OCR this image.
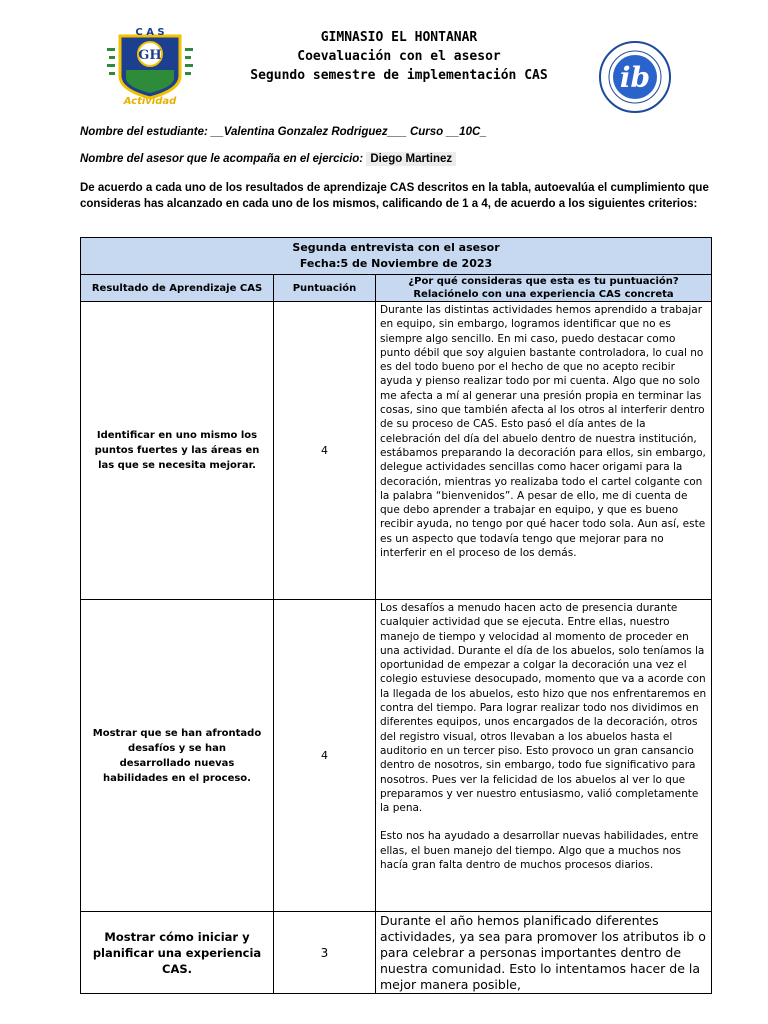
GH
C A S
Actividad
ib
GIMNASIO EL HONTANAR
Coevaluación con el asesor
Segundo semestre de implementación CAS
Nombre del estudiante: __Valentina Gonzalez Rodriguez___ Curso __10C_
Nombre del asesor que le acompaña en el ejercicio: Diego Martinez
De acuerdo a cada uno de los resultados de aprendizaje CAS descritos en la tabla, autoevalúa el cumplimiento que consideras has alcanzado en cada uno de los mismos, calificando de 1 a 4, de acuerdo a los siguientes criterios:
Segunda entrevista con el asesor
Fecha:5 de Noviembre de 2023		

Resultado de Aprendizaje CAS	Puntuación	¿Por qué consideras que esta es tu puntuación? Relaciónelo con una experiencia CAS concreta
Identificar en uno mismo los puntos fuertes y las áreas en las que se necesita mejorar.	4	Durante las distintas actividades hemos aprendido a trabajar en equipo, sin embargo, logramos identificar que no es siempre algo sencillo. En mi caso, puedo destacar como punto débil que soy alguien bastante controladora, lo cual no es del todo bueno por el hecho de que no acepto recibir ayuda y pienso realizar todo por mi cuenta. Algo que no solo me afecta a mí al generar una presión propia en terminar las cosas, sino que también afecta al los otros al interferir dentro de su proceso de CAS. Esto pasó el día antes de la celebración del día del abuelo dentro de nuestra institución, estábamos preparando la decoración para ellos, sin embargo, delegue actividades sencillas como hacer origami para la decoración, mientras yo realizaba todo el cartel colgante con la palabra “bienvenidos”. A pesar de ello, me di cuenta de que debo aprender a trabajar en equipo, y que es bueno recibir ayuda, no tengo por qué hacer todo sola. Aun así, este es un aspecto que todavía tengo que mejorar para no interferir en el proceso de los demás.

Mostrar que se han afrontado desafíos y se han desarrollado nuevas habilidades en el proceso.	4	Los desafíos a menudo hacen acto de presencia durante cualquier actividad que se ejecuta. Entre ellas, nuestro manejo de tiempo y velocidad al momento de proceder en una actividad. Durante el día de los abuelos, solo teníamos la oportunidad de empezar a colgar la decoración una vez el colegio estuviese desocupado, momento que va a acorde con la llegada de los abuelos, esto hizo que nos enfrentaremos en contra del tiempo. Para lograr realizar todo nos dividimos en diferentes equipos, unos encargados de la decoración, otros del registro visual, otros llevaban a los abuelos hasta el auditorio en un tercer piso. Esto provoco un gran cansancio dentro de nosotros, sin embargo, todo fue significativo para nosotros. Pues ver la felicidad de los abuelos al ver lo que preparamos y ver nuestro entusiasmo, valió completamente la pena.

Esto nos ha ayudado a desarrollar nuevas habilidades, entre ellas, el buen manejo del tiempo. Algo que a muchos nos hacía gran falta dentro de muchos procesos diarios.

Mostrar cómo iniciar y planificar una experiencia CAS.	3	Durante el año hemos planificado diferentes actividades, ya sea para promover los atributos ib o para celebrar a personas importantes dentro de nuestra comunidad. Esto lo intentamos hacer de la mejor manera posible,
